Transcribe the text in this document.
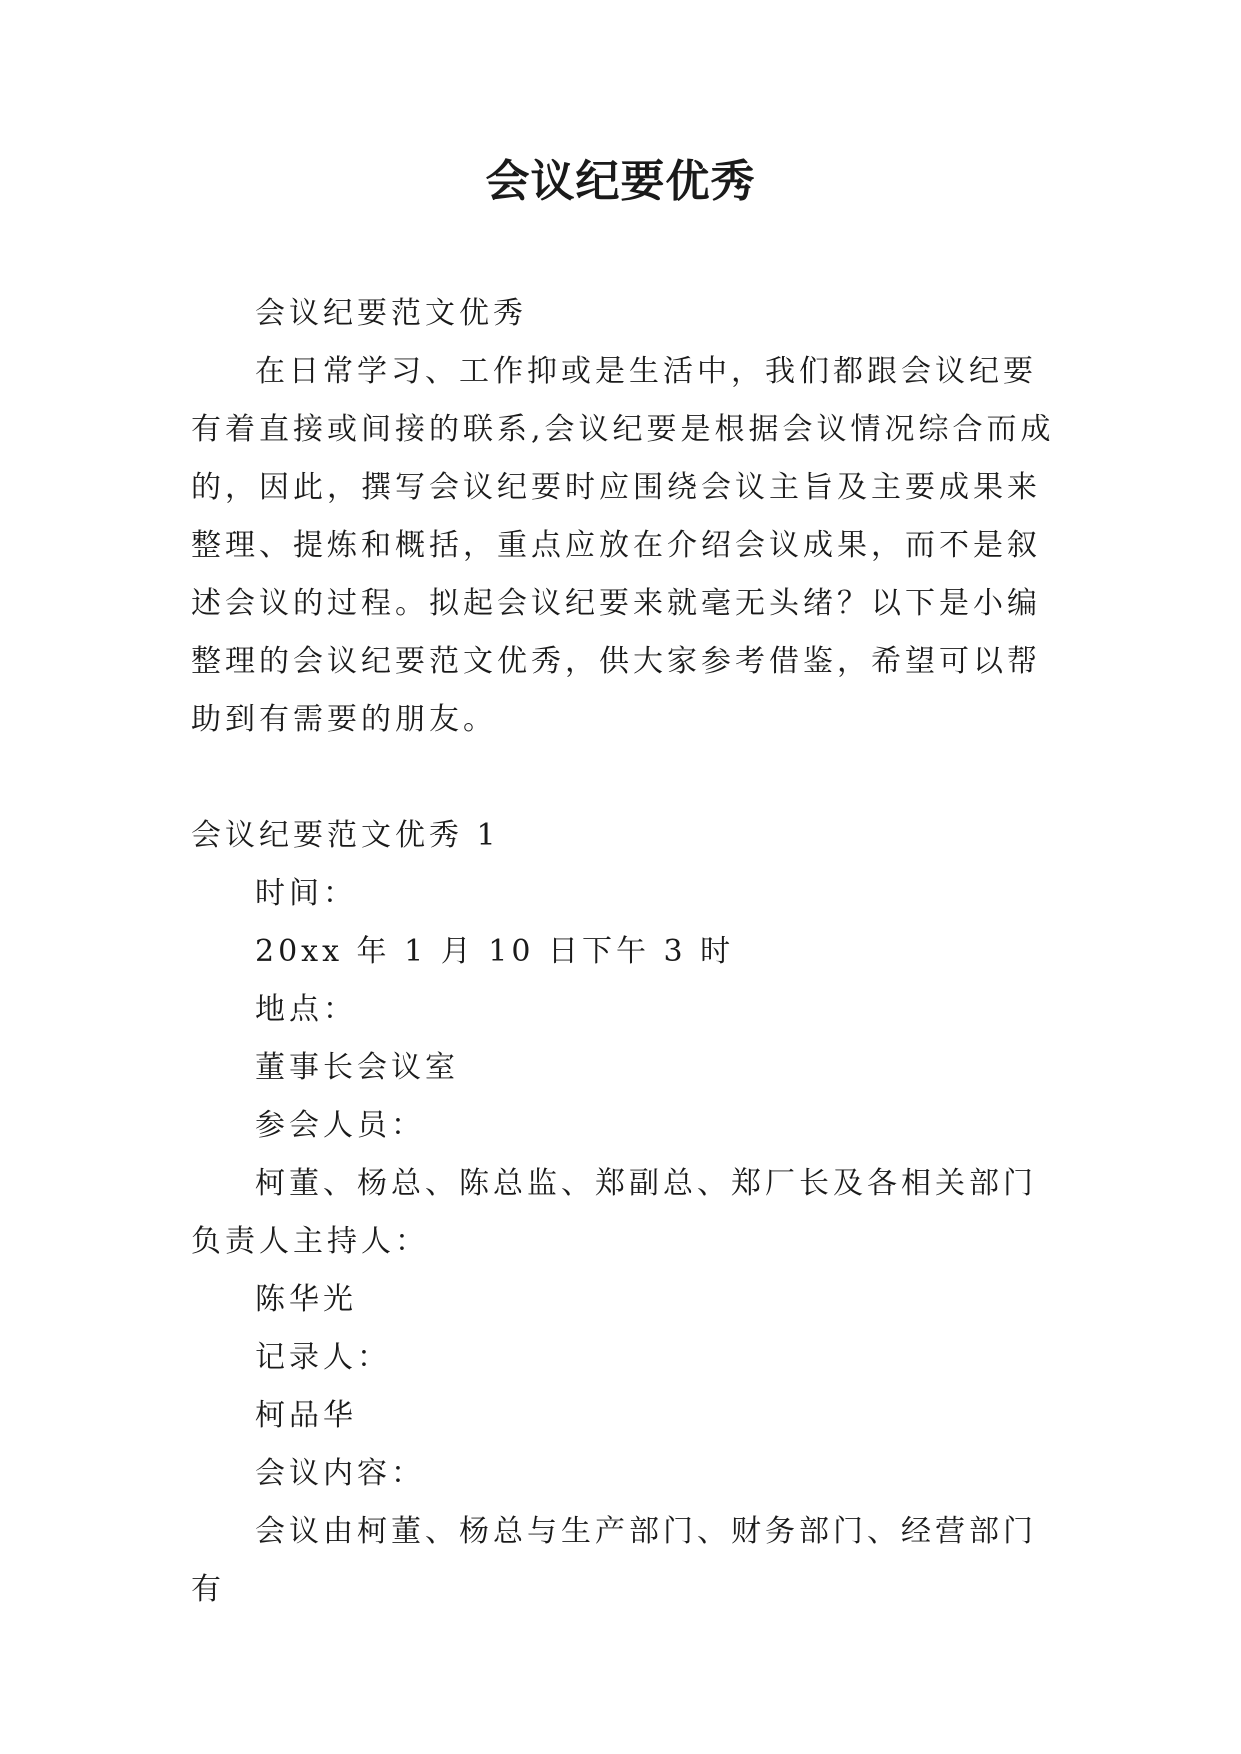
会议纪要优秀

会议纪要范文优秀

在日常学习、工作抑或是生活中，我们都跟会议纪要有着直接或间接的联系,会议纪要是根据会议情况综合而成的，因此，撰写会议纪要时应围绕会议主旨及主要成果来整理、提炼和概括，重点应放在介绍会议成果，而不是叙述会议的过程。拟起会议纪要来就毫无头绪？以下是小编整理的会议纪要范文优秀，供大家参考借鉴，希望可以帮助到有需要的朋友。

会议纪要范文优秀 1

时间：

20xx 年 1 月 10 日下午 3 时

地点：

董事长会议室

参会人员：

柯董、杨总、陈总监、郑副总、郑厂长及各相关部门负责人主持人：

陈华光

记录人：

柯品华

会议内容：

会议由柯董、杨总与生产部门、财务部门、经营部门有
